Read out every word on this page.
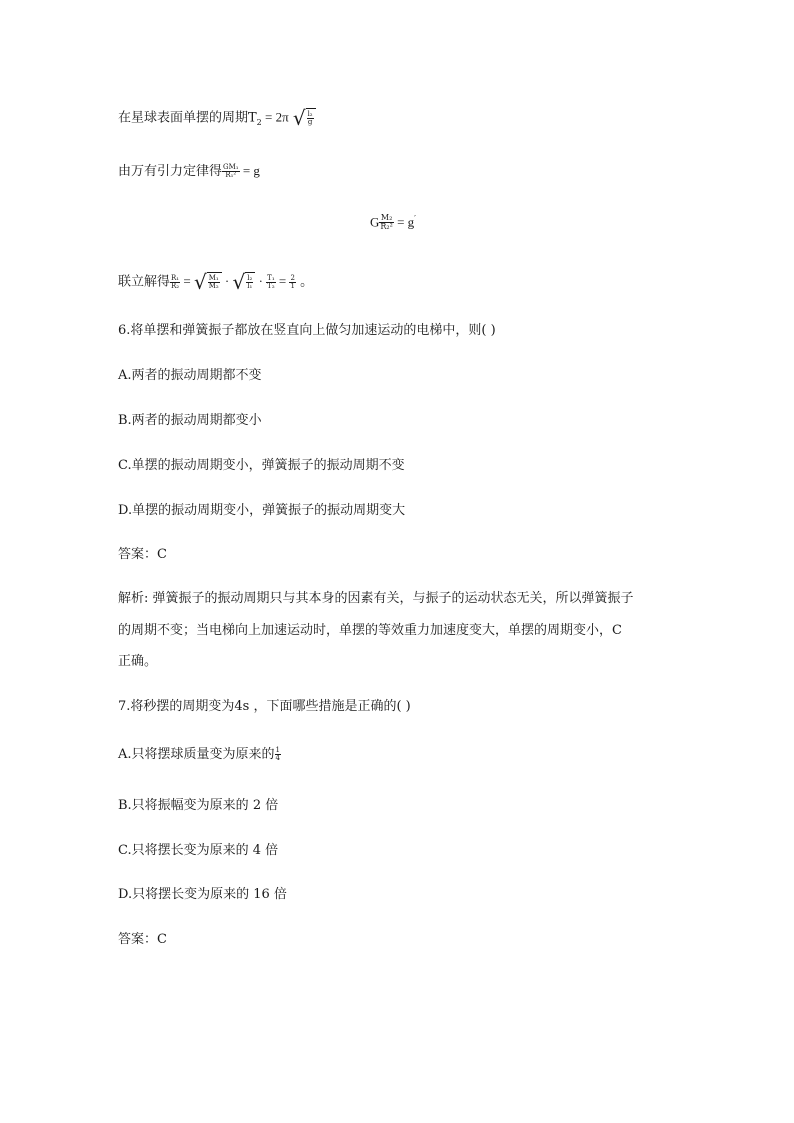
在星球表面单摆的周期$T_2 = 2\pi$ √ $\frac{\text{l₂}}{g}$
由万有引力定律得 $\frac{\text{GM₁}}{\text{R₁²}} = g$
G $\frac{\text{M₂}}{\text{R₂²}} = g'$
联立解得 $\frac{\text{R₁}}{\text{R₂}}$ = √ $\frac{\text{M₁}}{\text{M₂}}$ · √ $\frac{\text{l₂}}{\text{l₁}} \cdot \frac{\text{T₁}}{\text{T₂}} = \frac{2}{1}$ 。
6.将单摆和弹簧振子都放在竖直向上做匀加速运动的电梯中，则( )
A.两者的振动周期都不变
B.两者的振动周期都变小
C.单摆的振动周期变小，弹簧振子的振动周期不变
D.单摆的振动周期变小，弹簧振子的振动周期变大
答案：C
解析: 弹簧振子的振动周期只与其本身的因素有关，与振子的运动状态无关，所以弹簧振子
的周期不变；当电梯向上加速运动时，单摆的等效重力加速度变大，单摆的周期变小，C
正确。
7.将秒摆的周期变为4s ，下面哪些措施是正确的( )
A.只将摆球质量变为原来的 $\frac{1}{4}$
B.只将振幅变为原来的 2 倍
C.只将摆长变为原来的 4 倍
D.只将摆长变为原来的 16 倍
答案：C
